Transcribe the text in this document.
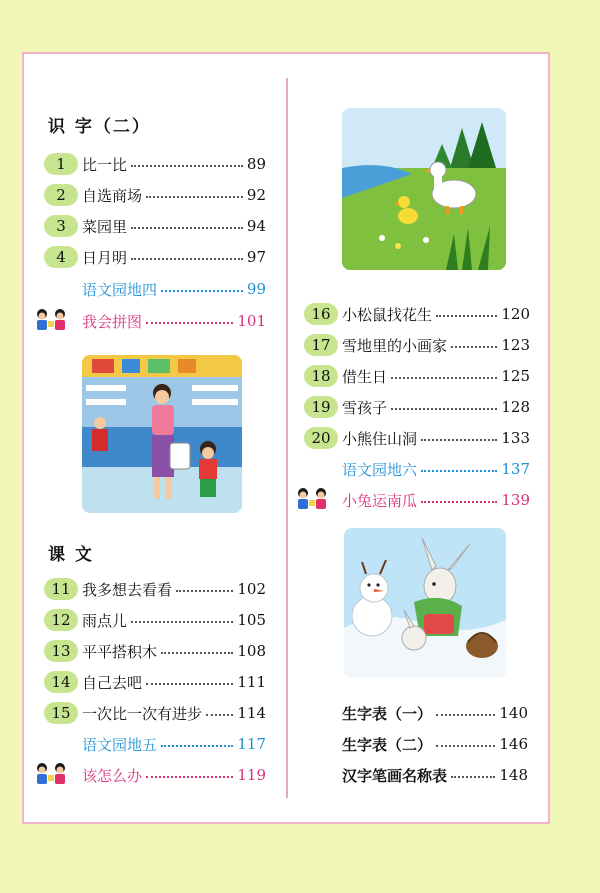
识 字（二）
1	比一比	89
2	自选商场	92
3	菜园里	94
4	日月明	97
语文园地四	99
我会拼图	101
课 文
11 我多想去看看	102
12 雨点儿	105
13 平平搭积木	108
14 自己去吧	111
15 一次比一次有进步 114
语文园地五	117
该怎么办	119
16 小松鼠找花生	120
17 雪地里的小画家	123
18 借生日	125
19 雪孩子	128
20 小熊住山洞	133
语文园地六	137
小兔运南瓜	139
生字表（一）	140
生字表（二）	146
汉字笔画名称表	148
